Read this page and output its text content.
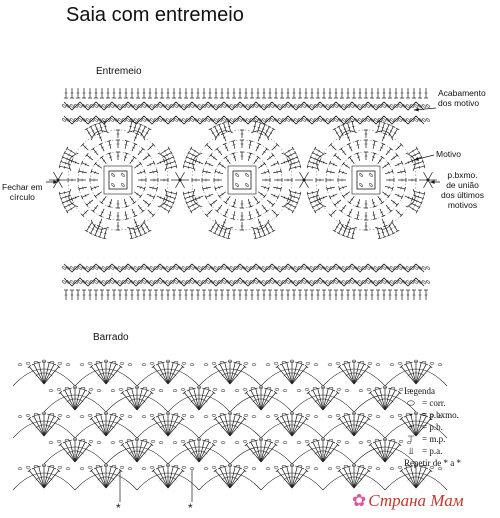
*	*
Saia com entremeio
Entremeio
Barrado
Acabamento
dos motivo
Motivo
Fechar em
círculo
p.bxmo.
de união
dos últimos
motivos
Legenda
⬭ = corr.
•	= p.bxmo.
+ = p.b.
⊤ = m.p.
⫫ = p.a.
Repetir de * a *
✿ Страна Мам
